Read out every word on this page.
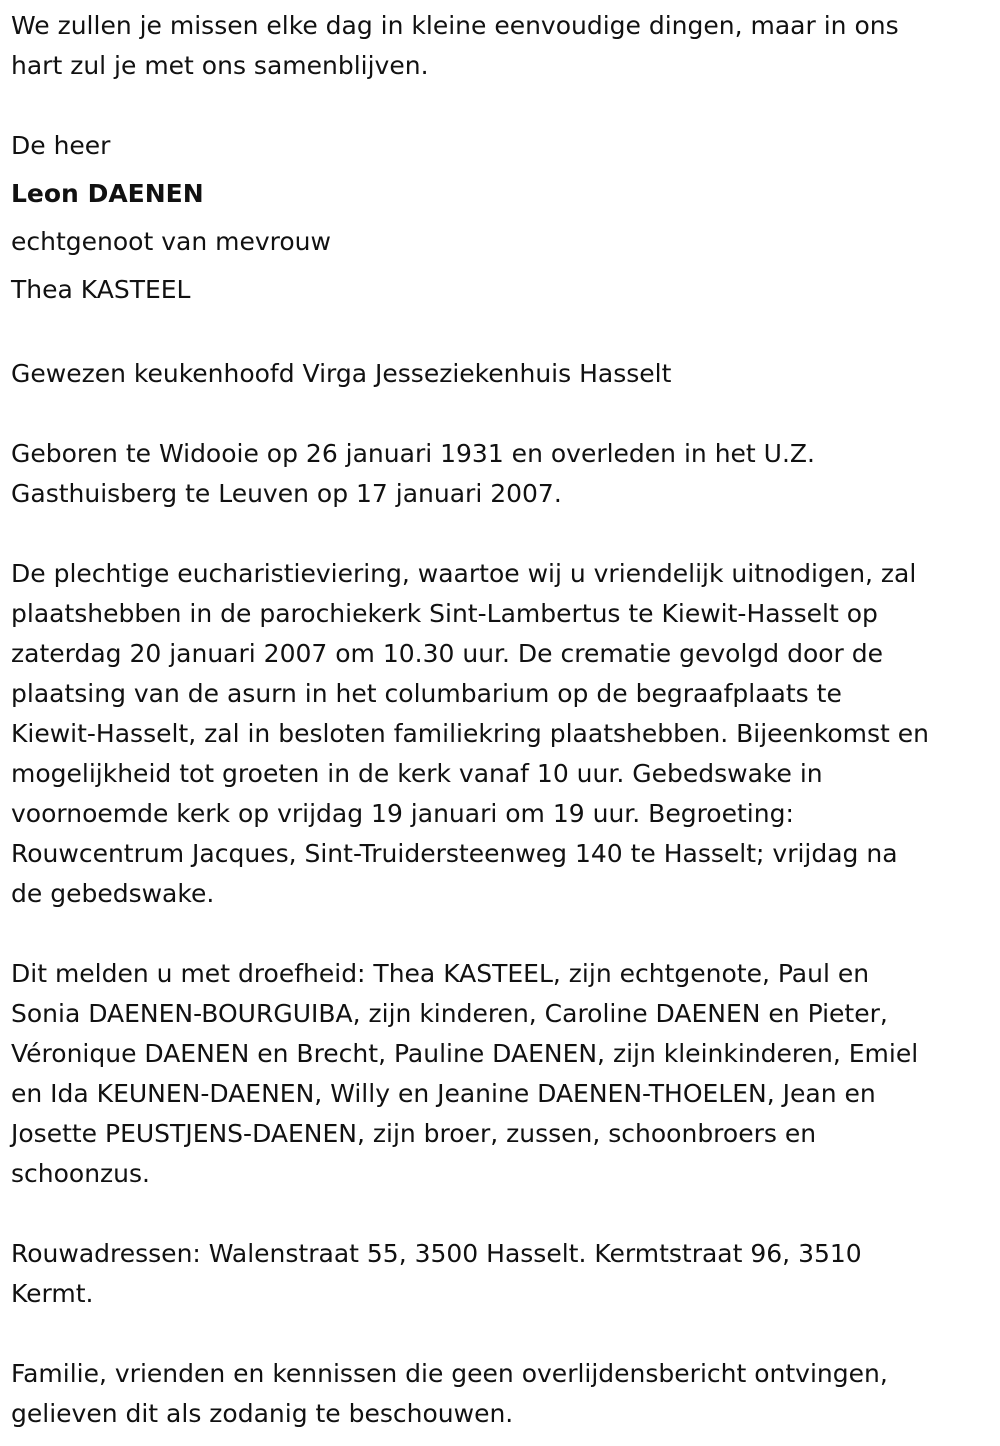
We zullen je missen elke dag in kleine eenvoudige dingen, maar in ons
hart zul je met ons samenblijven.

De heer
Leon DAENEN
echtgenoot van mevrouw
Thea KASTEEL

Gewezen keukenhoofd Virga Jesseziekenhuis Hasselt

Geboren te Widooie op 26 januari 1931 en overleden in het U.Z.
Gasthuisberg te Leuven op 17 januari 2007.

De plechtige eucharistieviering, waartoe wij u vriendelijk uitnodigen, zal
plaatshebben in de parochiekerk Sint-Lambertus te Kiewit-Hasselt op
zaterdag 20 januari 2007 om 10.30 uur. De crematie gevolgd door de
plaatsing van de asurn in het columbarium op de begraafplaats te
Kiewit-Hasselt, zal in besloten familiekring plaatshebben. Bijeenkomst en
mogelijkheid tot groeten in de kerk vanaf 10 uur. Gebedswake in
voornoemde kerk op vrijdag 19 januari om 19 uur. Begroeting:
Rouwcentrum Jacques, Sint-Truidersteenweg 140 te Hasselt; vrijdag na
de gebedswake.

Dit melden u met droefheid: Thea KASTEEL, zijn echtgenote, Paul en
Sonia DAENEN-BOURGUIBA, zijn kinderen, Caroline DAENEN en Pieter,
Véronique DAENEN en Brecht, Pauline DAENEN, zijn kleinkinderen, Emiel
en Ida KEUNEN-DAENEN, Willy en Jeanine DAENEN-THOELEN, Jean en
Josette PEUSTJENS-DAENEN, zijn broer, zussen, schoonbroers en
schoonzus.

Rouwadressen: Walenstraat 55, 3500 Hasselt. Kermtstraat 96, 3510
Kermt.

Familie, vrienden en kennissen die geen overlijdensbericht ontvingen,
gelieven dit als zodanig te beschouwen.
